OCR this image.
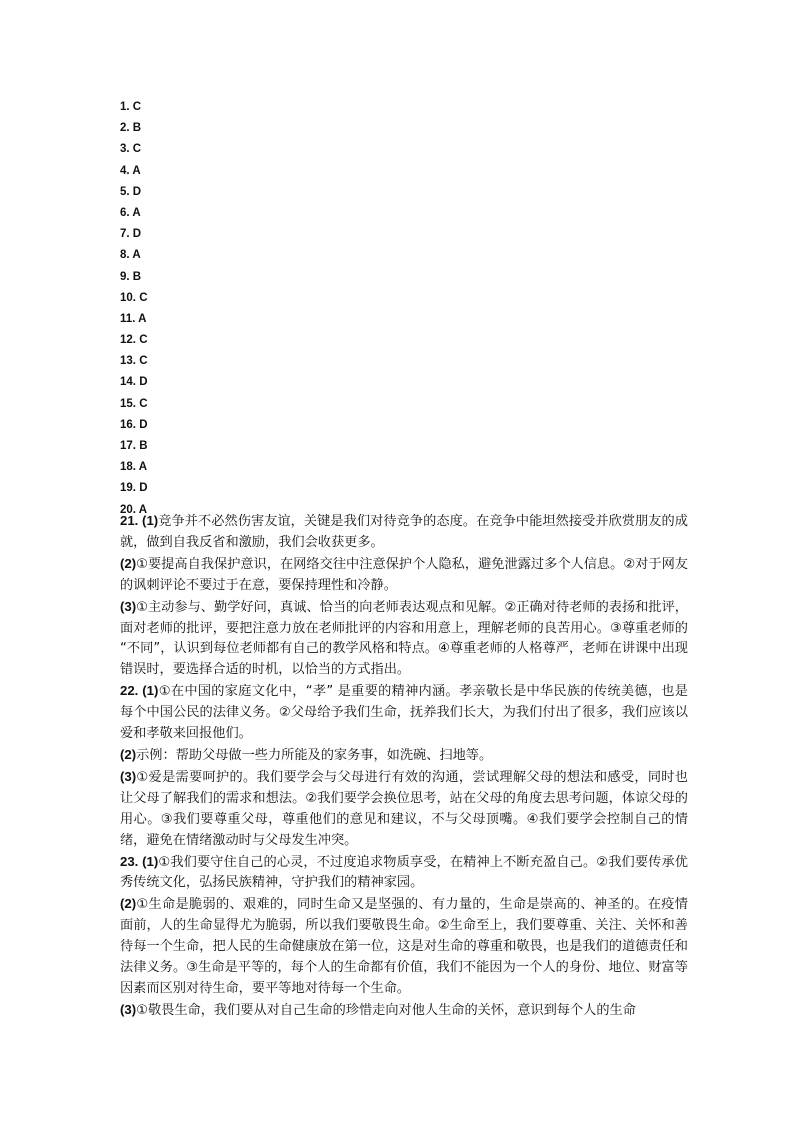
1. C
2. B
3. C
4. A
5. D
6. A
7. D
8. A
9. B
10. C
11. A
12. C
13. C
14. D
15. C
16. D
17. B
18. A
19. D
20. A

21. (1)竞争并不必然伤害友谊，关键是我们对待竞争的态度。在竞争中能坦然接受并欣赏朋友的成就，做到自我反省和激励，我们会收获更多。

(2)①要提高自我保护意识，在网络交往中注意保护个人隐私，避免泄露过多个人信息。②对于网友的讽刺评论不要过于在意，要保持理性和冷静。

(3)①主动参与、勤学好问，真诚、恰当的向老师表达观点和见解。②正确对待老师的表扬和批评，面对老师的批评，要把注意力放在老师批评的内容和用意上，理解老师的良苦用心。③尊重老师的 “不同”，认识到每位老师都有自己的教学风格和特点。④尊重老师的人格尊严，老师在讲课中出现错误时，要选择合适的时机，以恰当的方式指出。

22. (1)①在中国的家庭文化中，“孝” 是重要的精神内涵。孝亲敬长是中华民族的传统美德，也是每个中国公民的法律义务。②父母给予我们生命，抚养我们长大，为我们付出了很多，我们应该以爱和孝敬来回报他们。

(2)示例：帮助父母做一些力所能及的家务事，如洗碗、扫地等。

(3)①爱是需要呵护的。我们要学会与父母进行有效的沟通，尝试理解父母的想法和感受，同时也让父母了解我们的需求和想法。②我们要学会换位思考，站在父母的角度去思考问题，体谅父母的用心。③我们要尊重父母，尊重他们的意见和建议，不与父母顶嘴。④我们要学会控制自己的情绪，避免在情绪激动时与父母发生冲突。

23. (1)①我们要守住自己的心灵，不过度追求物质享受，在精神上不断充盈自己。②我们要传承优秀传统文化，弘扬民族精神，守护我们的精神家园。

(2)①生命是脆弱的、艰难的，同时生命又是坚强的、有力量的，生命是崇高的、神圣的。在疫情面前，人的生命显得尤为脆弱，所以我们要敬畏生命。②生命至上，我们要尊重、关注、关怀和善待每一个生命，把人民的生命健康放在第一位，这是对生命的尊重和敬畏，也是我们的道德责任和法律义务。③生命是平等的，每个人的生命都有价值，我们不能因为一个人的身份、地位、财富等因素而区别对待生命，要平等地对待每一个生命。

(3)①敬畏生命，我们要从对自己生命的珍惜走向对他人生命的关怀，意识到每个人的生命
